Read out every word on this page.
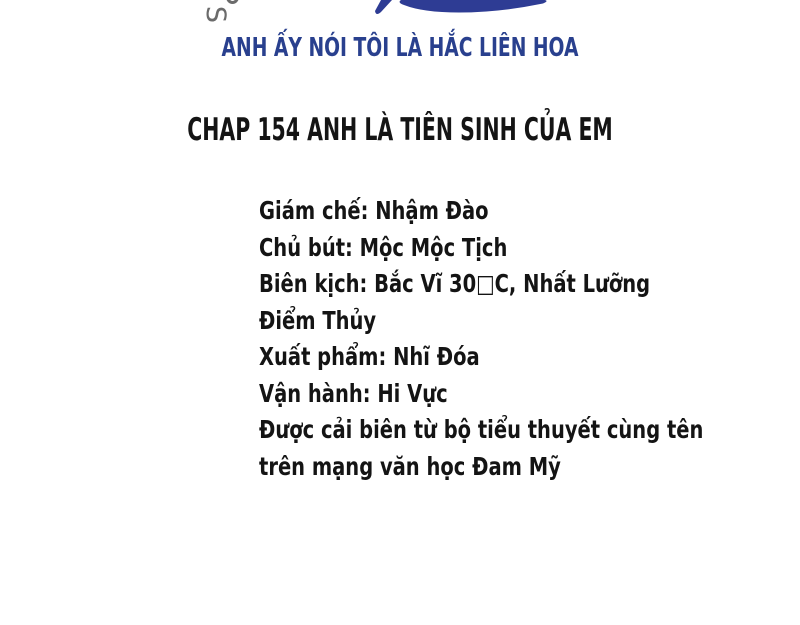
S
ANH ẤY NÓI TÔI LÀ HẮC LIÊN HOA
CHAP 154 ANH LÀ TIÊN SINH CỦA EM
Giám chế: Nhậm Đào
Chủ bút: Mộc Mộc Tịch
Biên kịch: Bắc Vĩ 30□C, Nhất Lưỡng
Điểm Thủy
Xuất phẩm: Nhĩ Đóa
Vận hành: Hi Vực
Được cải biên từ bộ tiểu thuyết cùng tên
trên mạng văn học Đam Mỹ
